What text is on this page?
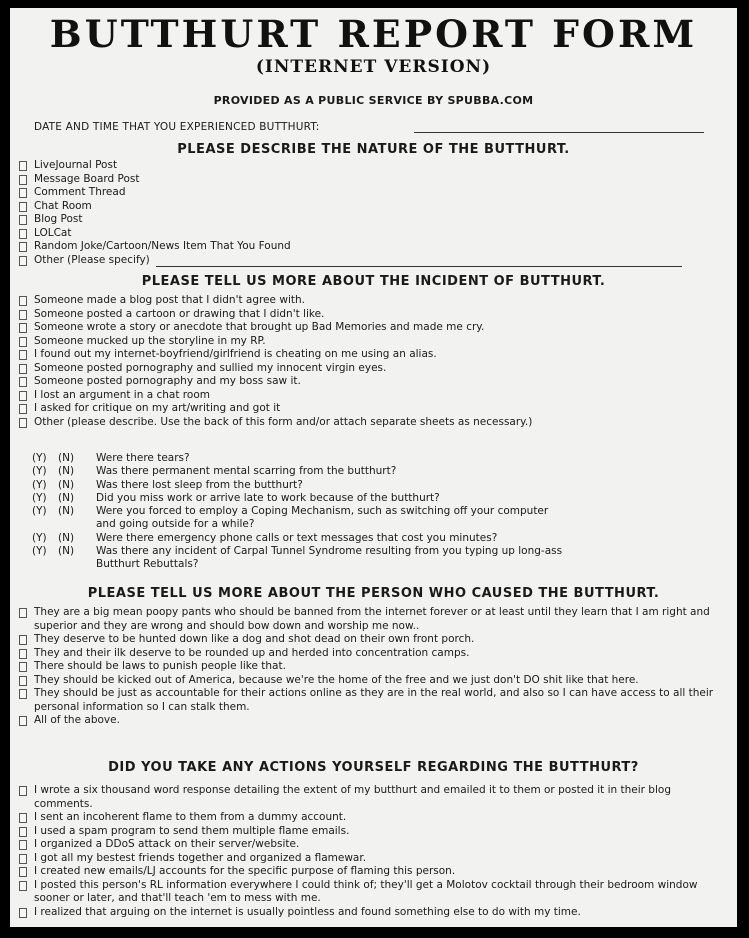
BUTTHURT REPORT FORM
(INTERNET VERSION)
PROVIDED AS A PUBLIC SERVICE BY SPUBBA.COM
DATE AND TIME THAT YOU EXPERIENCED BUTTHURT:
PLEASE DESCRIBE THE NATURE OF THE BUTTHURT.
LiveJournal Post
Message Board Post
Comment Thread
Chat Room
Blog Post
LOLCat
Random Joke/Cartoon/News Item That You Found
Other (Please specify)
PLEASE TELL US MORE ABOUT THE INCIDENT OF BUTTHURT.
Someone made a blog post that I didn't agree with.
Someone posted a cartoon or drawing that I didn't like.
Someone wrote a story or anecdote that brought up Bad Memories and made me cry.
Someone mucked up the storyline in my RP.
I found out my internet-boyfriend/girlfriend is cheating on me using an alias.
Someone posted pornography and sullied my innocent virgin eyes.
Someone posted pornography and my boss saw it.
I lost an argument in a chat room
I asked for critique on my art/writing and got it
Other (please describe. Use the back of this form and/or attach separate sheets as necessary.)
(Y) (N) Were there tears?
(Y) (N) Was there permanent mental scarring from the butthurt?
(Y) (N) Was there lost sleep from the butthurt?
(Y) (N) Did you miss work or arrive late to work because of the butthurt?
(Y) (N) Were you forced to employ a Coping Mechanism, such as switching off your computer
and going outside for a while?
(Y) (N) Were there emergency phone calls or text messages that cost you minutes?
(Y) (N) Was there any incident of Carpal Tunnel Syndrome resulting from you typing up long-ass
Butthurt Rebuttals?
PLEASE TELL US MORE ABOUT THE PERSON WHO CAUSED THE BUTTHURT.
They are a big mean poopy pants who should be banned from the internet forever or at least until they learn that I am right and superior and they are wrong and should bow down and worship me now..
They deserve to be hunted down like a dog and shot dead on their own front porch.
They and their ilk deserve to be rounded up and herded into concentration camps.
There should be laws to punish people like that.
They should be kicked out of America, because we're the home of the free and we just don't DO shit like that here.
They should be just as accountable for their actions online as they are in the real world, and also so I can have access to all their personal information so I can stalk them.
All of the above.
DID YOU TAKE ANY ACTIONS YOURSELF REGARDING THE BUTTHURT?
I wrote a six thousand word response detailing the extent of my butthurt and emailed it to them or posted it in their blog comments.
I sent an incoherent flame to them from a dummy account.
I used a spam program to send them multiple flame emails.
I organized a DDoS attack on their server/website.
I got all my bestest friends together and organized a flamewar.
I created new emails/LJ accounts for the specific purpose of flaming this person.
I posted this person's RL information everywhere I could think of; they'll get a Molotov cocktail through their bedroom window sooner or later, and that'll teach 'em to mess with me.
I realized that arguing on the internet is usually pointless and found something else to do with my time.
